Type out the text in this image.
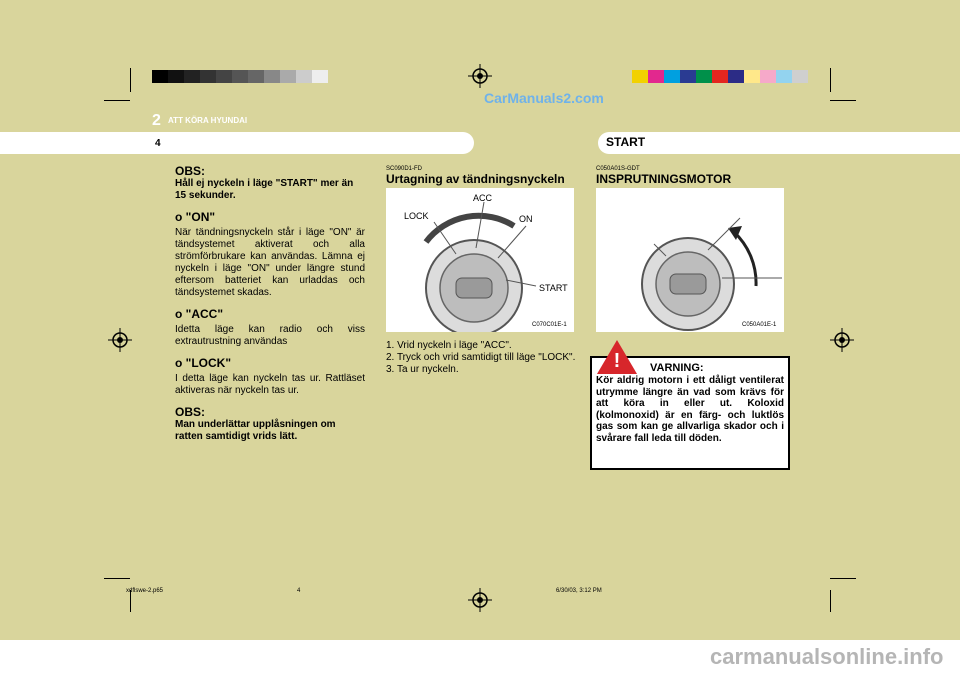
CarManuals2.com
2 ATT KÖRA HYUNDAI
4	START

OBS:

Håll ej nyckeln i läge "START" mer än 15 sekunder.

o "ON"

När tändningsnyckeln står i läge "ON" är tändsystemet aktiverat och alla strömförbrukare kan användas. Lämna ej nyckeln i läge "ON" under längre stund eftersom batteriet kan urladdas och tändsystemet skadas.

o "ACC"

Idetta läge kan radio och viss extrautrustning användas

o "LOCK"

I detta läge kan nyckeln tas ur. Rattläset aktiveras när nyckeln tas ur.

OBS:

Man underlättar upplåsningen om ratten samtidigt vrids lätt.

SC090D1-FD

Urtagning av tändningsnyckeln

LOCK
ACC
ON
START
C070C01E-1
1. Vrid nyckeln i läge "ACC".
2. Tryck och vrid samtidigt till läge "LOCK".
3. Ta ur nyckeln.

C050A01S-GDT

INSPRUTNINGSMOTOR

C050A01E-1
!	VARNING:
Kör aldrig motorn i ett dåligt ventilerat utrymme längre än vad som krävs för att köra in eller ut. Koloxid (kolmonoxid) är en färg- och luktlös gas som kan ge allvarliga skador och i svårare fall leda till döden.
xdflswe-2.p65	4	6/30/03, 3:12 PM
carmanualsonline.info
